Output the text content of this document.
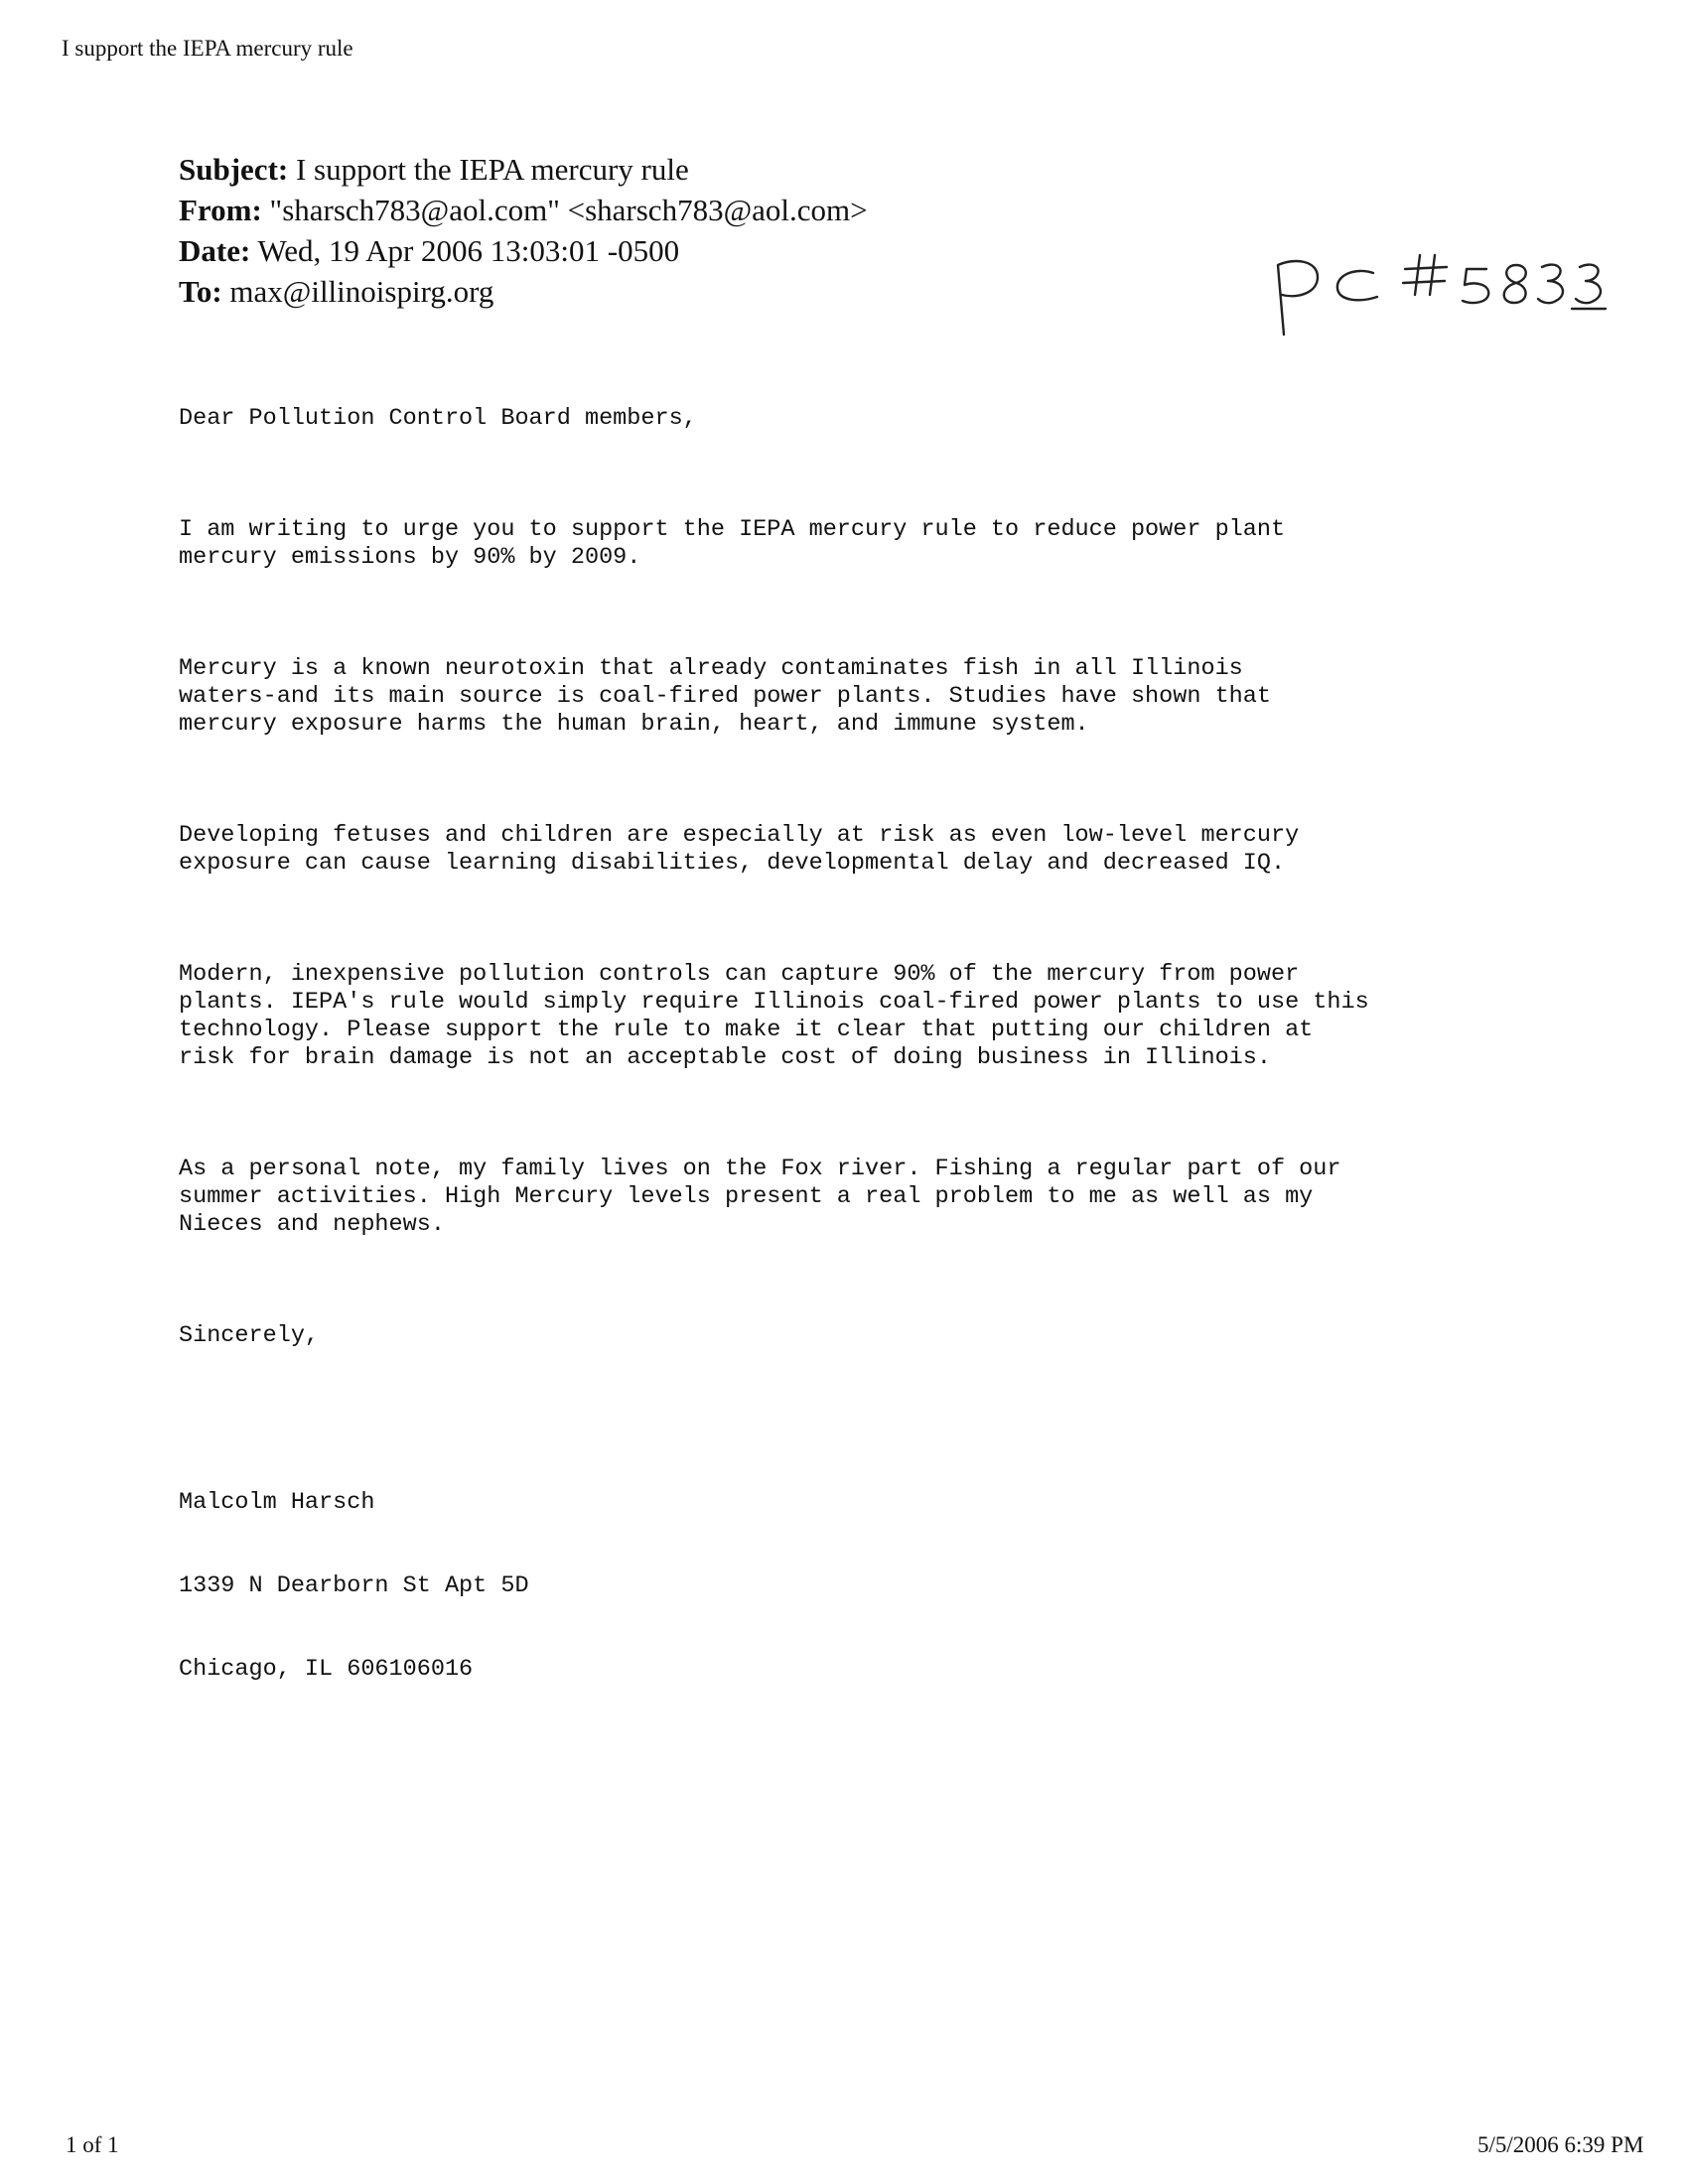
I support the IEPA mercury rule
Subject: I support the IEPA mercury rule
From: "sharsch783@aol.com" <sharsch783@aol.com>
Date: Wed, 19 Apr 2006 13:03:01 -0500
To: max@illinoispirg.org

Dear Pollution Control Board members,

I am writing to urge you to support the IEPA mercury rule to reduce power plant
mercury emissions by 90% by 2009.

Mercury is a known neurotoxin that already contaminates fish in all Illinois
waters-and its main source is coal-fired power plants. Studies have shown that
mercury exposure harms the human brain, heart, and immune system.

Developing fetuses and children are especially at risk as even low-level mercury
exposure can cause learning disabilities, developmental delay and decreased IQ.

Modern, inexpensive pollution controls can capture 90% of the mercury from power
plants. IEPA's rule would simply require Illinois coal-fired power plants to use this
technology. Please support the rule to make it clear that putting our children at
risk for brain damage is not an acceptable cost of doing business in Illinois.

As a personal note, my family lives on the Fox river. Fishing a regular part of our
summer activities. High Mercury levels present a real problem to me as well as my
Nieces and nephews.

Sincerely,

Malcolm Harsch

1339 N Dearborn St Apt 5D

Chicago, IL 606106016

1 of 1	5/5/2006 6:39 PM
